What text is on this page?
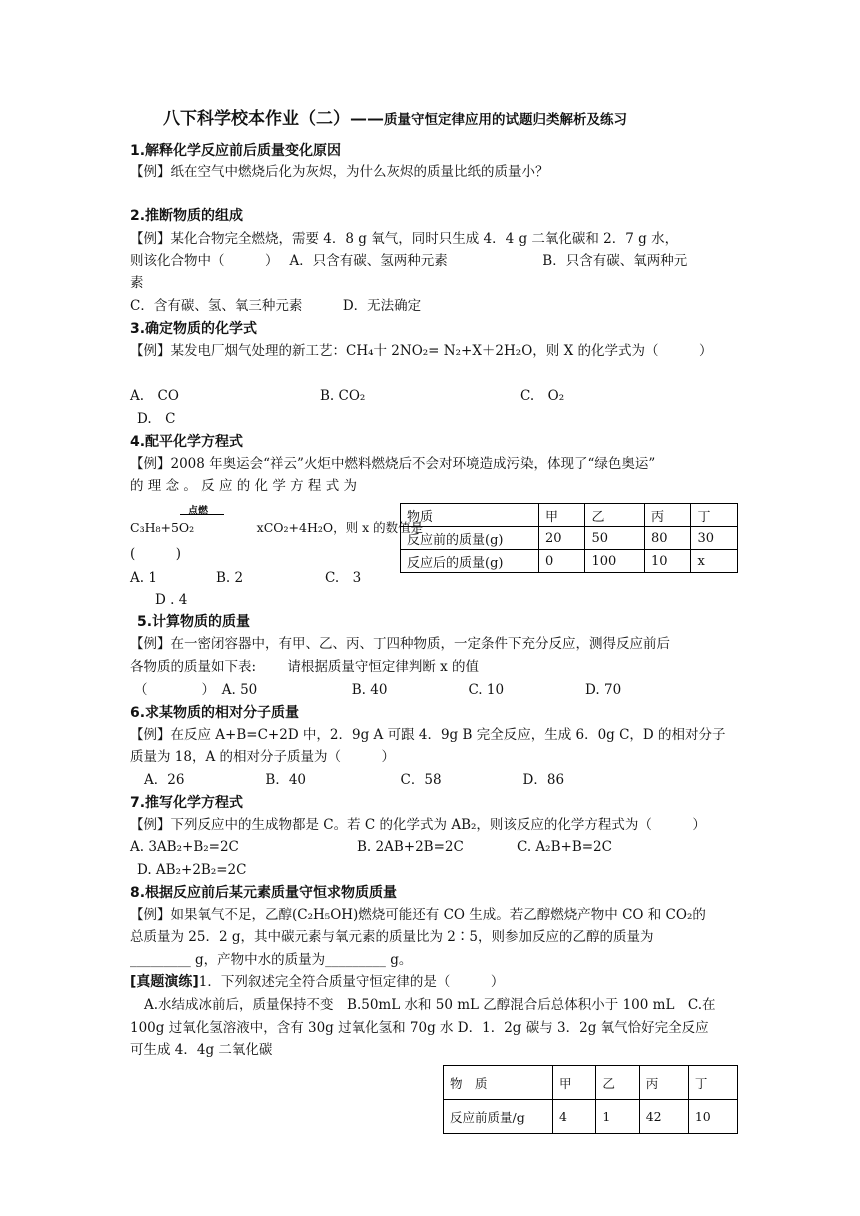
八下科学校本作业（二）——质量守恒定律应用的试题归类解析及练习
1.解释化学反应前后质量变化原因
【例】纸在空气中燃烧后化为灰烬，为什么灰烬的质量比纸的质量小？
2.推断物质的组成
【例】某化合物完全燃烧，需要 4．8 g 氧气，同时只生成 4．4 g 二氧化碳和 2．7 g 水，
则该化合物中（　　　）　 A．只含有碳、氢两种元素　　　　　　　B．只含有碳、氧两种元
素
C．含有碳、氢、氧三种元素　　　D．无法确定
3.确定物质的化学式
【例】某发电厂烟气处理的新工艺：CH₄十 2NO₂= N₂+X＋2H₂O，则 X 的化学式为（　　　）
A.　CO	B. CO₂	C.　O₂
D.　C
4.配平化学方程式
【例】2008 年奥运会“祥云”火炬中燃料燃烧后不会对环境造成污染，体现了“绿色奥运”
的 理 念 。 反 应 的 化 学 方 程 式 为
点燃
C₃H₈+5O₂　　　　　xCO₂+4H₂O，则 x 的数值是
(　　　)
A. 1	B. 2	C.　3
D . 4
物质	甲	乙	丙	丁
反应前的质量(g)	20	50	80	30
反应后的质量(g)	0	100	10	x
5.计算物质的质量
【例】在一密闭容器中，有甲、乙、丙、丁四种物质，一定条件下充分反应，测得反应前后
各物质的质量如下表:　　 请根据质量守恒定律判断 x 的值
（　　　　）　A. 50　　　　　　　B. 40　　　　　　C. 10　　　　　　D. 70
6.求某物质的相对分子质量
【例】在反应 A+B=C+2D 中，2．9g A 可跟 4．9g B 完全反应，生成 6．0g C，D 的相对分子
质量为 18，A 的相对分子质量为（　　　）
A．26　　　　　　B．40　　　　　　　C．58　　　　　　D．86
7.推写化学方程式
【例】下列反应中的生成物都是 C。若 C 的化学式为 AB₂，则该反应的化学方程式为（　　　）
A. 3AB₂+B₂=2C	B. 2AB+2B=2C	C. A₂B+B=2C
D. AB₂+2B₂=2C
8.根据反应前后某元素质量守恒求物质质量
【例】如果氧气不足，乙醇(C₂H₅OH)燃烧可能还有 CO 生成。若乙醇燃烧产物中 CO 和 CO₂的
总质量为 25．2 g，其中碳元素与氧元素的质量比为 2∶5，则参加反应的乙醇的质量为
_________ g，产物中水的质量为_________ g。
[真题演练]1．下列叙述完全符合质量守恒定律的是（　　　）
A.水结成冰前后，质量保持不变　B.50mL 水和 50 mL 乙醇混合后总体积小于 100 mL　C.在
100g 过氧化氢溶液中，含有 30g 过氧化氢和 70g 水 D．1．2g 碳与 3．2g 氧气恰好完全反应
可生成 4．4g 二氧化碳
物　质	甲	乙	丙	丁
反应前质量/g	4	1	42	10
